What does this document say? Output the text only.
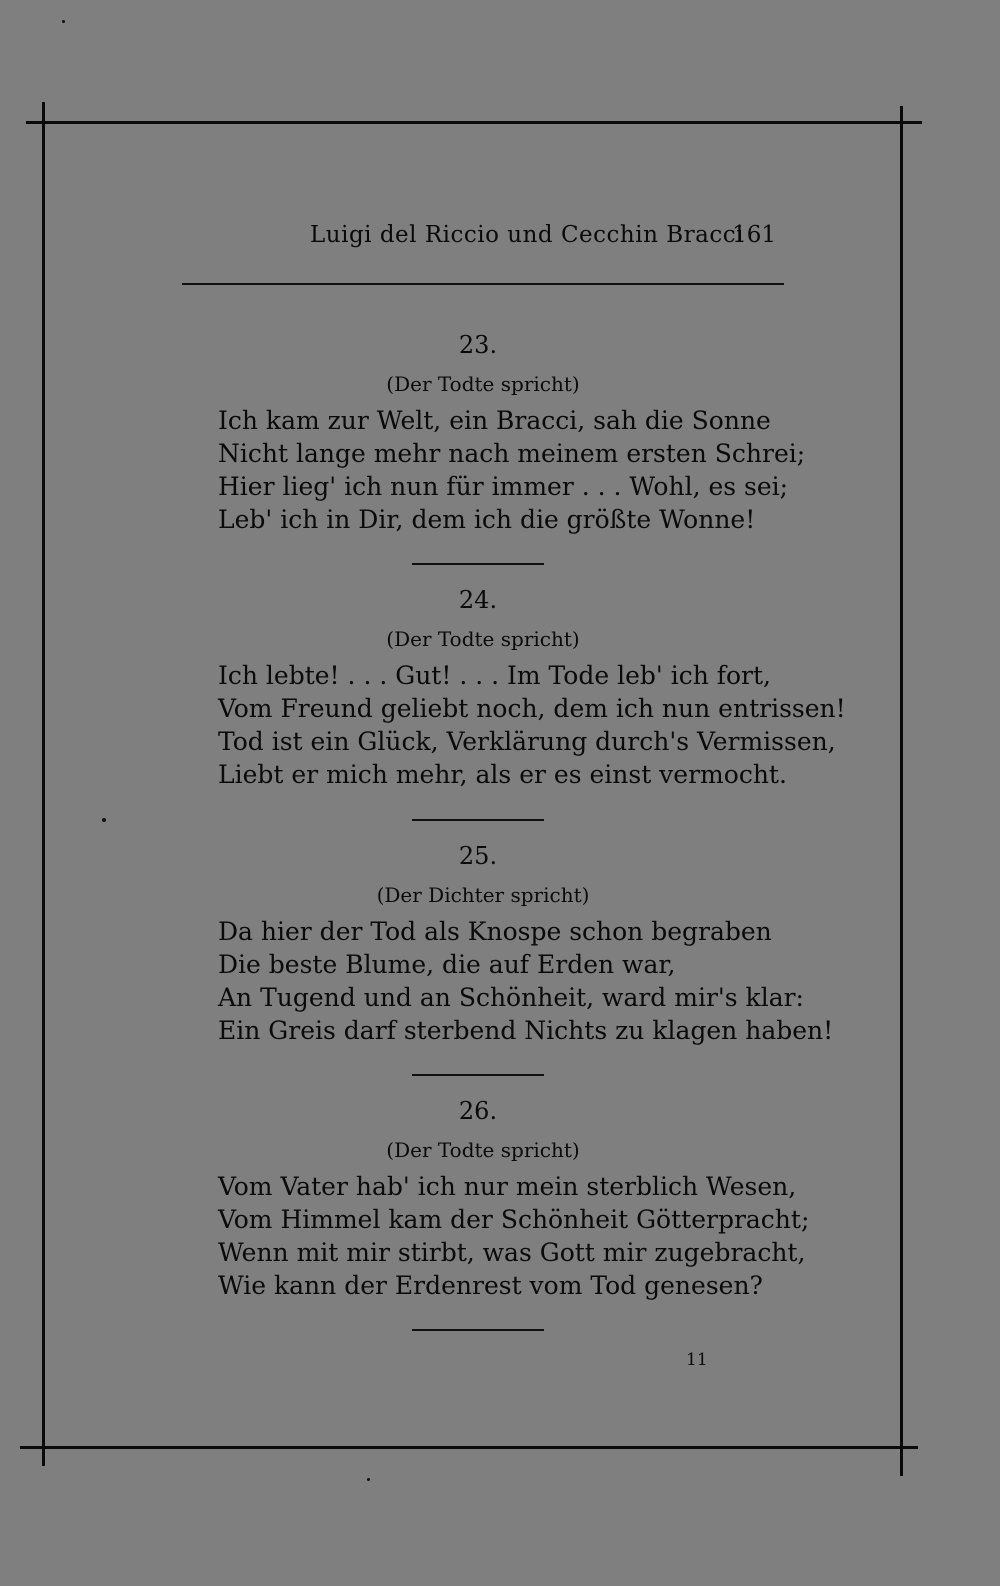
Luigi del Riccio und Cecchin Bracci
161
23.
(Der Todte spricht)
Ich kam zur Welt, ein Bracci, sah die Sonne
Nicht lange mehr nach meinem ersten Schrei;
Hier lieg' ich nun für immer . . . Wohl, es sei;
Leb' ich in Dir, dem ich die größte Wonne!
24.
(Der Todte spricht)
Ich lebte! . . . Gut! . . . Im Tode leb' ich fort,
Vom Freund geliebt noch, dem ich nun entrissen!
Tod ist ein Glück, Verklärung durch's Vermissen,
Liebt er mich mehr, als er es einst vermocht.
25.
(Der Dichter spricht)
Da hier der Tod als Knospe schon begraben
Die beste Blume, die auf Erden war,
An Tugend und an Schönheit, ward mir's klar:
Ein Greis darf sterbend Nichts zu klagen haben!
26.
(Der Todte spricht)
Vom Vater hab' ich nur mein sterblich Wesen,
Vom Himmel kam der Schönheit Götterpracht;
Wenn mit mir stirbt, was Gott mir zugebracht,
Wie kann der Erdenrest vom Tod genesen?
11
